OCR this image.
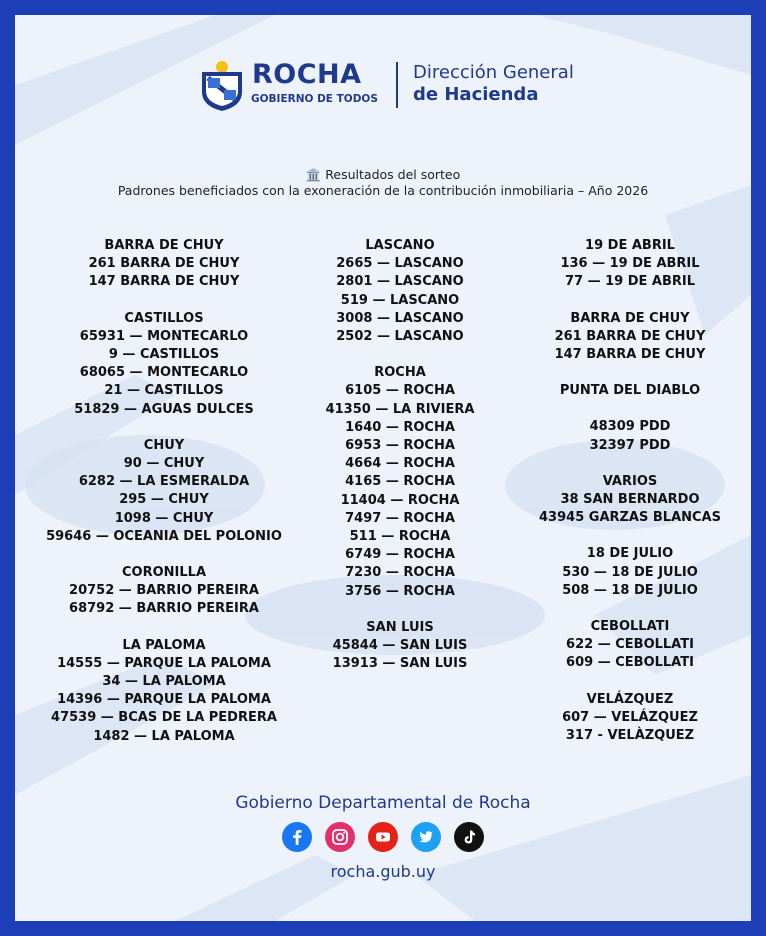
ROCHA
GOBIERNO DE TODOS
Dirección General
de Hacienda
🏛️ Resultados del sorteo
Padrones beneficiados con la exoneración de la contribución inmobiliaria – Año 2026
BARRA DE CHUY
261 BARRA DE CHUY
147 BARRA DE CHUY
CASTILLOS
65931 — MONTECARLO
9 — CASTILLOS
68065 — MONTECARLO
21 — CASTILLOS
51829 — AGUAS DULCES
CHUY
90 — CHUY
6282 — LA ESMERALDA
295 — CHUY
1098 — CHUY
59646 — OCEANIA DEL POLONIO
CORONILLA
20752 — BARRIO PEREIRA
68792 — BARRIO PEREIRA
LA PALOMA
14555 — PARQUE LA PALOMA
34 — LA PALOMA
14396 — PARQUE LA PALOMA
47539 — BCAS DE LA PEDRERA
1482 — LA PALOMA
LASCANO
2665 — LASCANO
2801 — LASCANO
519 — LASCANO
3008 — LASCANO
2502 — LASCANO
ROCHA
6105 — ROCHA
41350 — LA RIVIERA
1640 — ROCHA
6953 — ROCHA
4664 — ROCHA
4165 — ROCHA
11404 — ROCHA
7497 — ROCHA
511 — ROCHA
6749 — ROCHA
7230 — ROCHA
3756 — ROCHA
SAN LUIS
45844 — SAN LUIS
13913 — SAN LUIS
19 DE ABRIL
136 — 19 DE ABRIL
77 — 19 DE ABRIL
BARRA DE CHUY
261 BARRA DE CHUY
147 BARRA DE CHUY
PUNTA DEL DIABLO
48309 PDD
32397 PDD
VARIOS
38 SAN BERNARDO
43945 GARZAS BLANCAS
18 DE JULIO
530 — 18 DE JULIO
508 — 18 DE JULIO
CEBOLLATI
622 — CEBOLLATI
609 — CEBOLLATI
VELÁZQUEZ
607 — VELÁZQUEZ
317 - VELÀZQUEZ
Gobierno Departamental de Rocha
rocha.gub.uy
